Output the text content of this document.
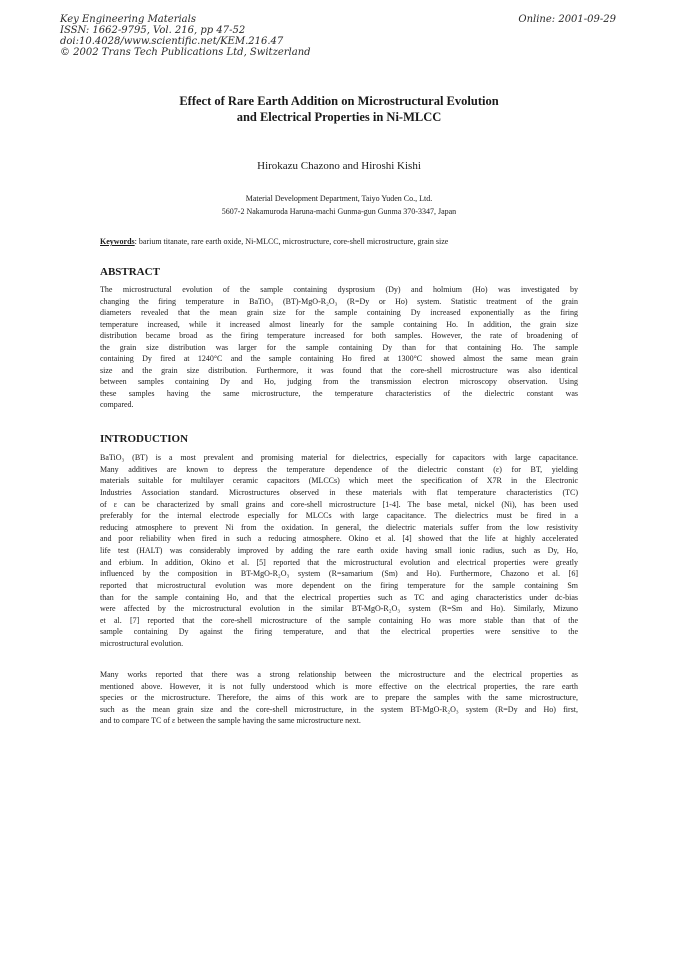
Key Engineering Materials
ISSN: 1662-9795, Vol. 216, pp 47-52
doi:10.4028/www.scientific.net/KEM.216.47
© 2002 Trans Tech Publications Ltd, Switzerland
Online: 2001-09-29
Effect of Rare Earth Addition on Microstructural Evolution
and Electrical Properties in Ni-MLCC
Hirokazu Chazono and Hiroshi Kishi
Material Development Department, Taiyo Yuden Co., Ltd.
5607-2 Nakamuroda Haruna-machi Gunma-gun Gunma 370-3347, Japan
Keywords: barium titanate, rare earth oxide, Ni-MLCC, microstructure, core-shell microstructure, grain size
ABSTRACT
The microstructural evolution of the sample containing dysprosium (Dy) and holmium (Ho) was investigated by
changing the firing temperature in BaTiO₃ (BT)-MgO-R₂O₃ (R=Dy or Ho) system. Statistic treatment of the grain
diameters revealed that the mean grain size for the sample containing Dy increased exponentially as the firing
temperature increased, while it increased almost linearly for the sample containing Ho. In addition, the grain size
distribution became broad as the firing temperature increased for both samples. However, the rate of broadening of
the grain size distribution was larger for the sample containing Dy than for that containing Ho. The sample
containing Dy fired at 1240°C and the sample containing Ho fired at 1300°C showed almost the same mean grain
size and the grain size distribution. Furthermore, it was found that the core-shell microstructure was also identical
between samples containing Dy and Ho, judging from the transmission electron microscopy observation. Using
these samples having the same microstructure, the temperature characteristics of the dielectric constant was
compared.
INTRODUCTION
BaTiO₃ (BT) is a most prevalent and promising material for dielectrics, especially for capacitors with large capacitance.
Many additives are known to depress the temperature dependence of the dielectric constant (ε) for BT, yielding
materials suitable for multilayer ceramic capacitors (MLCCs) which meet the specification of X7R in the Electronic
Industries Association standard. Microstructures observed in these materials with flat temperature characteristics (TC)
of ε can be characterized by small grains and core-shell microstructure [1-4]. The base metal, nickel (Ni), has been used
preferably for the internal electrode especially for MLCCs with large capacitance. The dielectrics must be fired in a
reducing atmosphere to prevent Ni from the oxidation. In general, the dielectric materials suffer from the low resistivity
and poor reliability when fired in such a reducing atmosphere. Okino et al. [4] showed that the life at highly accelerated
life test (HALT) was considerably improved by adding the rare earth oxide having small ionic radius, such as Dy, Ho,
and erbium. In addition, Okino et al. [5] reported that the microstructural evolution and electrical properties were greatly
influenced by the composition in BT-MgO-R₂O₃ system (R=samarium (Sm) and Ho). Furthermore, Chazono et al. [6]
reported that microstructural evolution was more dependent on the firing temperature for the sample containing Sm
than for the sample containing Ho, and that the electrical properties such as TC and aging characteristics under dc-bias
were affected by the microstructural evolution in the similar BT-MgO-R₂O₃ system (R=Sm and Ho). Similarly, Mizuno
et al. [7] reported that the core-shell microstructure of the sample containing Ho was more stable than that of the
sample containing Dy against the firing temperature, and that the electrical properties were sensitive to the
microstructural evolution.
Many works reported that there was a strong relationship between the microstructure and the electrical properties as
mentioned above. However, it is not fully understood which is more effective on the electrical properties, the rare earth
species or the microstructure. Therefore, the aims of this work are to prepare the samples with the same microstructure,
such as the mean grain size and the core-shell microstructure, in the system BT-MgO-R₂O₃ system (R=Dy and Ho) first,
and to compare TC of ε between the sample having the same microstructure next.
